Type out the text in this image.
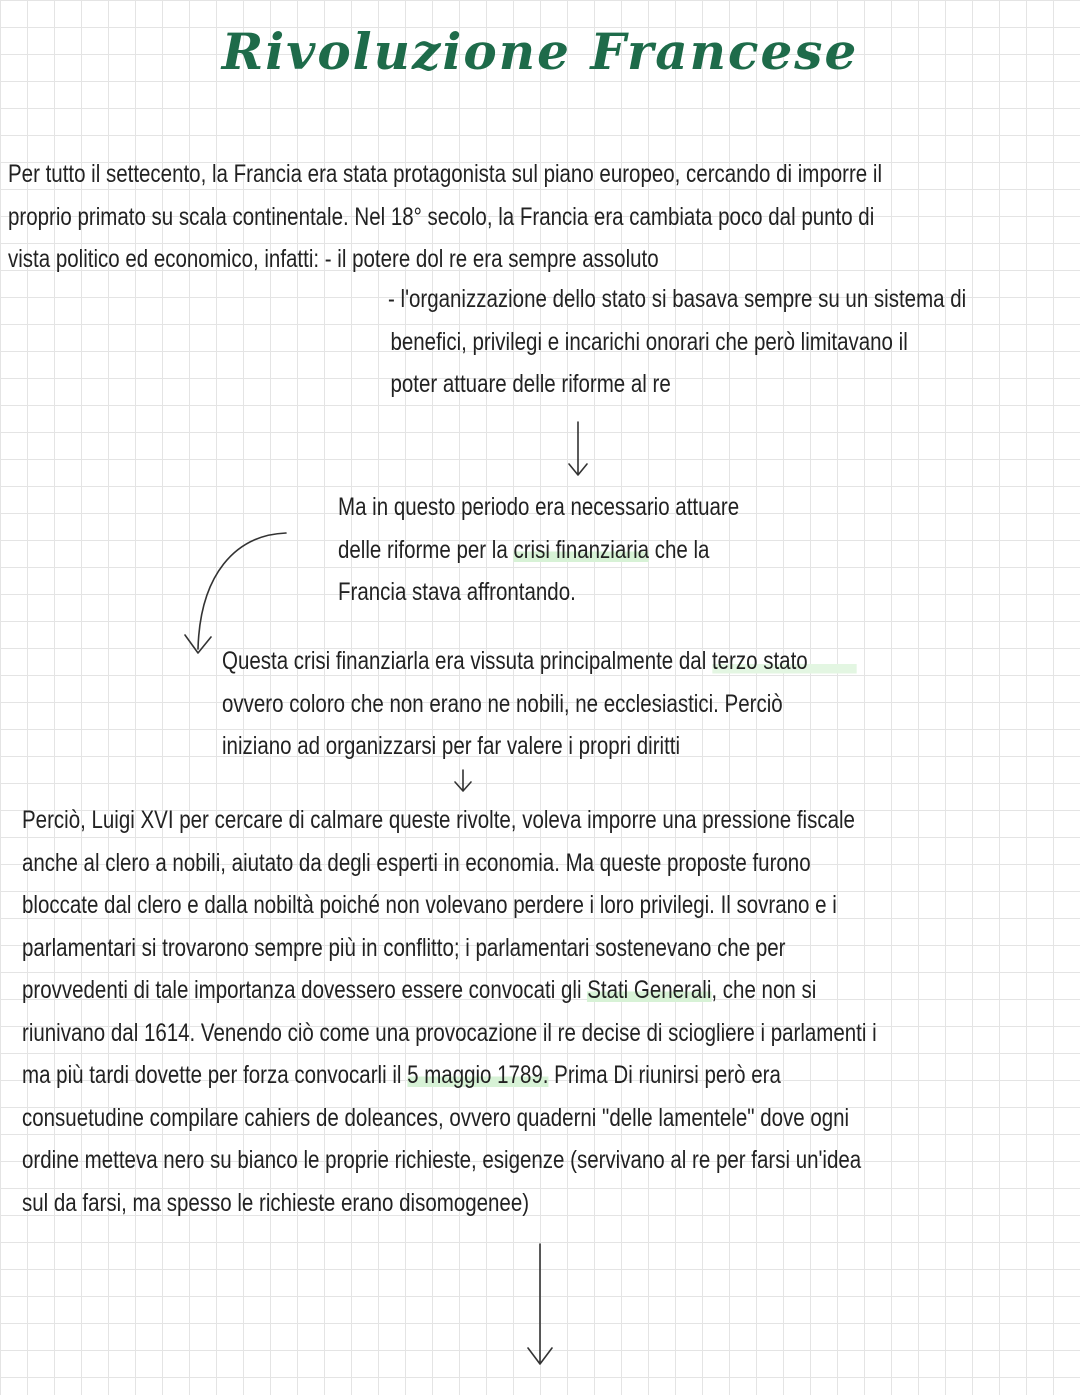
Rivoluzione Francese

Per tutto il settecento, la Francia era stata protagonista sul piano europeo, cercando di imporre il
proprio primato su scala continentale. Nel 18° secolo, la Francia era cambiata poco dal punto di
vista politico ed economico, infatti: - il potere dol re era sempre assoluto

- l'organizzazione dello stato si basava sempre su un sistema di
benefici, privilegi e incarichi onorari che però limitavano il
poter attuare delle riforme al re

Ma in questo periodo era necessario attuare
delle riforme per la crisi finanziaria che la
Francia stava affrontando.

Questa crisi finanziarla era vissuta principalmente dal terzo stato
ovvero coloro che non erano ne nobili, ne ecclesiastici. Perciò
iniziano ad organizzarsi per far valere i propri diritti

Perciò, Luigi XVI per cercare di calmare queste rivolte, voleva imporre una pressione fiscale
anche al clero a nobili, aiutato da degli esperti in economia. Ma queste proposte furono
bloccate dal clero e dalla nobiltà poiché non volevano perdere i loro privilegi. Il sovrano e i
parlamentari si trovarono sempre più in conflitto; i parlamentari sostenevano che per
provvedenti di tale importanza dovessero essere convocati gli Stati Generali, che non si
riunivano dal 1614. Venendo ciò come una provocazione il re decise di sciogliere i parlamenti i
ma più tardi dovette per forza convocarli il 5 maggio 1789. Prima Di riunirsi però era
consuetudine compilare cahiers de doleances, ovvero quaderni "delle lamentele" dove ogni
ordine metteva nero su bianco le proprie richieste, esigenze (servivano al re per farsi un'idea
sul da farsi, ma spesso le richieste erano disomogenee)
